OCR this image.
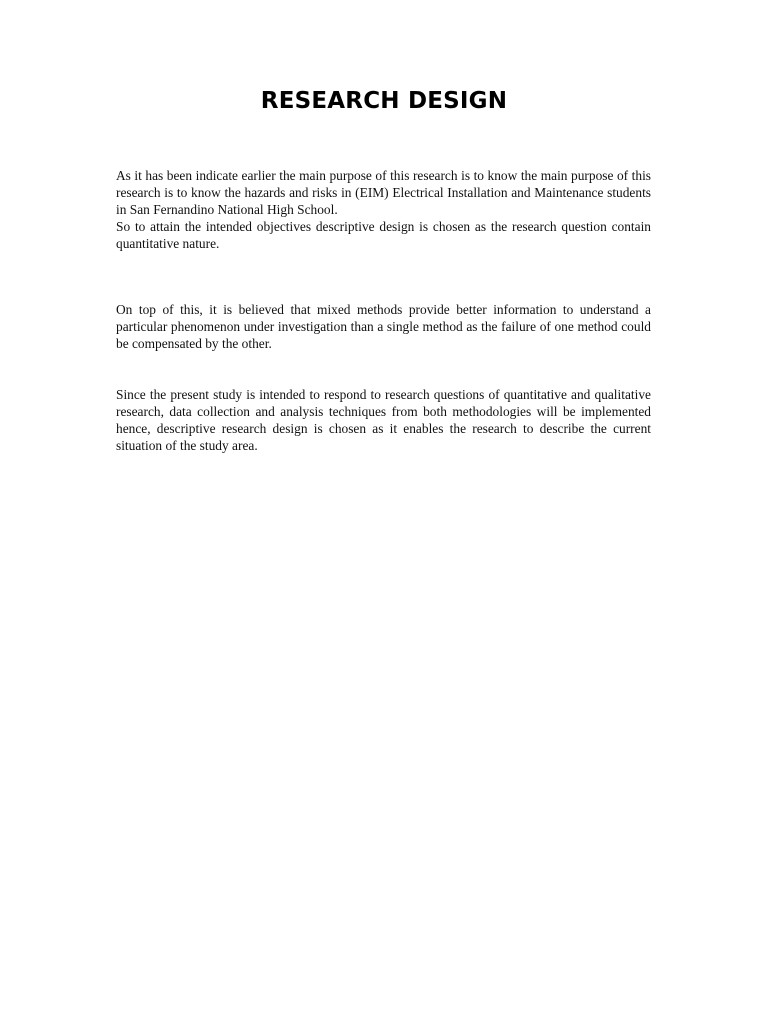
RESEARCH DESIGN

As it has been indicate earlier the main purpose of this research is to know the main purpose of this research is to know the hazards and risks in (EIM) Electrical Installation and Maintenance students in San Fernandino National High School.

So to attain the intended objectives descriptive design is chosen as the research question contain quantitative nature.

On top of this, it is believed that mixed methods provide better information to understand a particular phenomenon under investigation than a single method as the failure of one method could be compensated by the other.

Since the present study is intended to respond to research questions of quantitative and qualitative research, data collection and analysis techniques from both methodologies will be implemented hence, descriptive research design is chosen as it enables the research to describe the current situation of the study area.
